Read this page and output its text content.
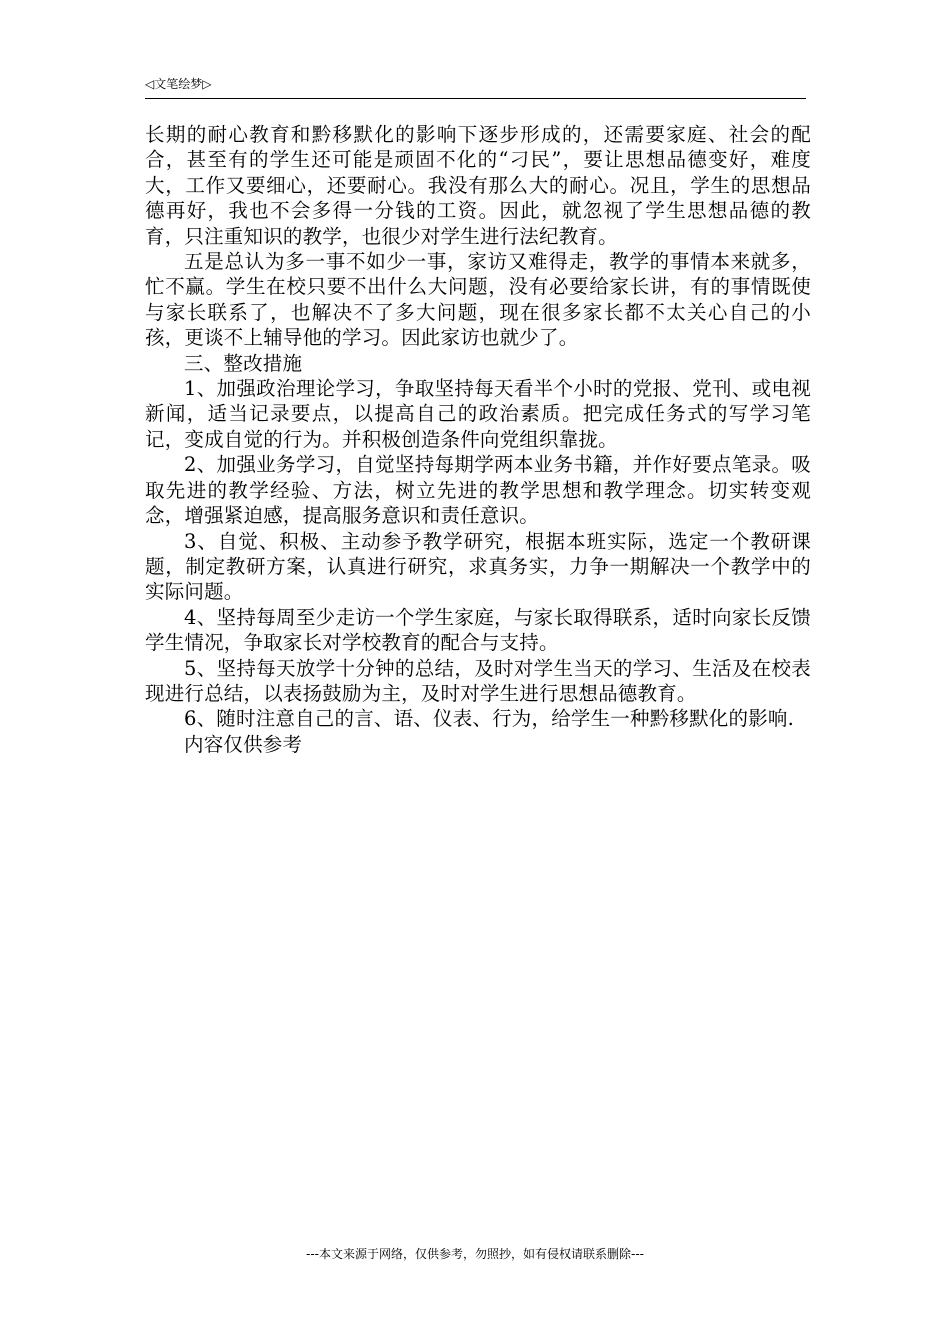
◁文笔绘梦▷

长期的耐心教育和黔移默化的影响下逐步形成的，还需要家庭、社会的配合，甚至有的学生还可能是顽固不化的“刁民”，要让思想品德变好，难度大，工作又要细心，还要耐心。我没有那么大的耐心。况且，学生的思想品德再好，我也不会多得一分钱的工资。因此，就忽视了学生思想品德的教育，只注重知识的教学，也很少对学生进行法纪教育。

五是总认为多一事不如少一事，家访又难得走，教学的事情本来就多，忙不赢。学生在校只要不出什么大问题，没有必要给家长讲，有的事情既使与家长联系了，也解决不了多大问题，现在很多家长都不太关心自己的小孩，更谈不上辅导他的学习。因此家访也就少了。

三、整改措施

1、加强政治理论学习，争取坚持每天看半个小时的党报、党刊、或电视新闻，适当记录要点，以提高自己的政治素质。把完成任务式的写学习笔记，变成自觉的行为。并积极创造条件向党组织靠拢。

2、加强业务学习，自觉坚持每期学两本业务书籍，并作好要点笔录。吸取先进的教学经验、方法，树立先进的教学思想和教学理念。切实转变观念，增强紧迫感，提高服务意识和责任意识。

3、自觉、积极、主动参予教学研究，根据本班实际，选定一个教研课题，制定教研方案，认真进行研究，求真务实，力争一期解决一个教学中的实际问题。

4、坚持每周至少走访一个学生家庭，与家长取得联系，适时向家长反馈学生情况，争取家长对学校教育的配合与支持。

5、坚持每天放学十分钟的总结，及时对学生当天的学习、生活及在校表现进行总结，以表扬鼓励为主，及时对学生进行思想品德教育。

6、随时注意自己的言、语、仪表、行为，给学生一种黔移默化的影响.

内容仅供参考

---本文来源于网络，仅供参考，勿照抄，如有侵权请联系删除---
